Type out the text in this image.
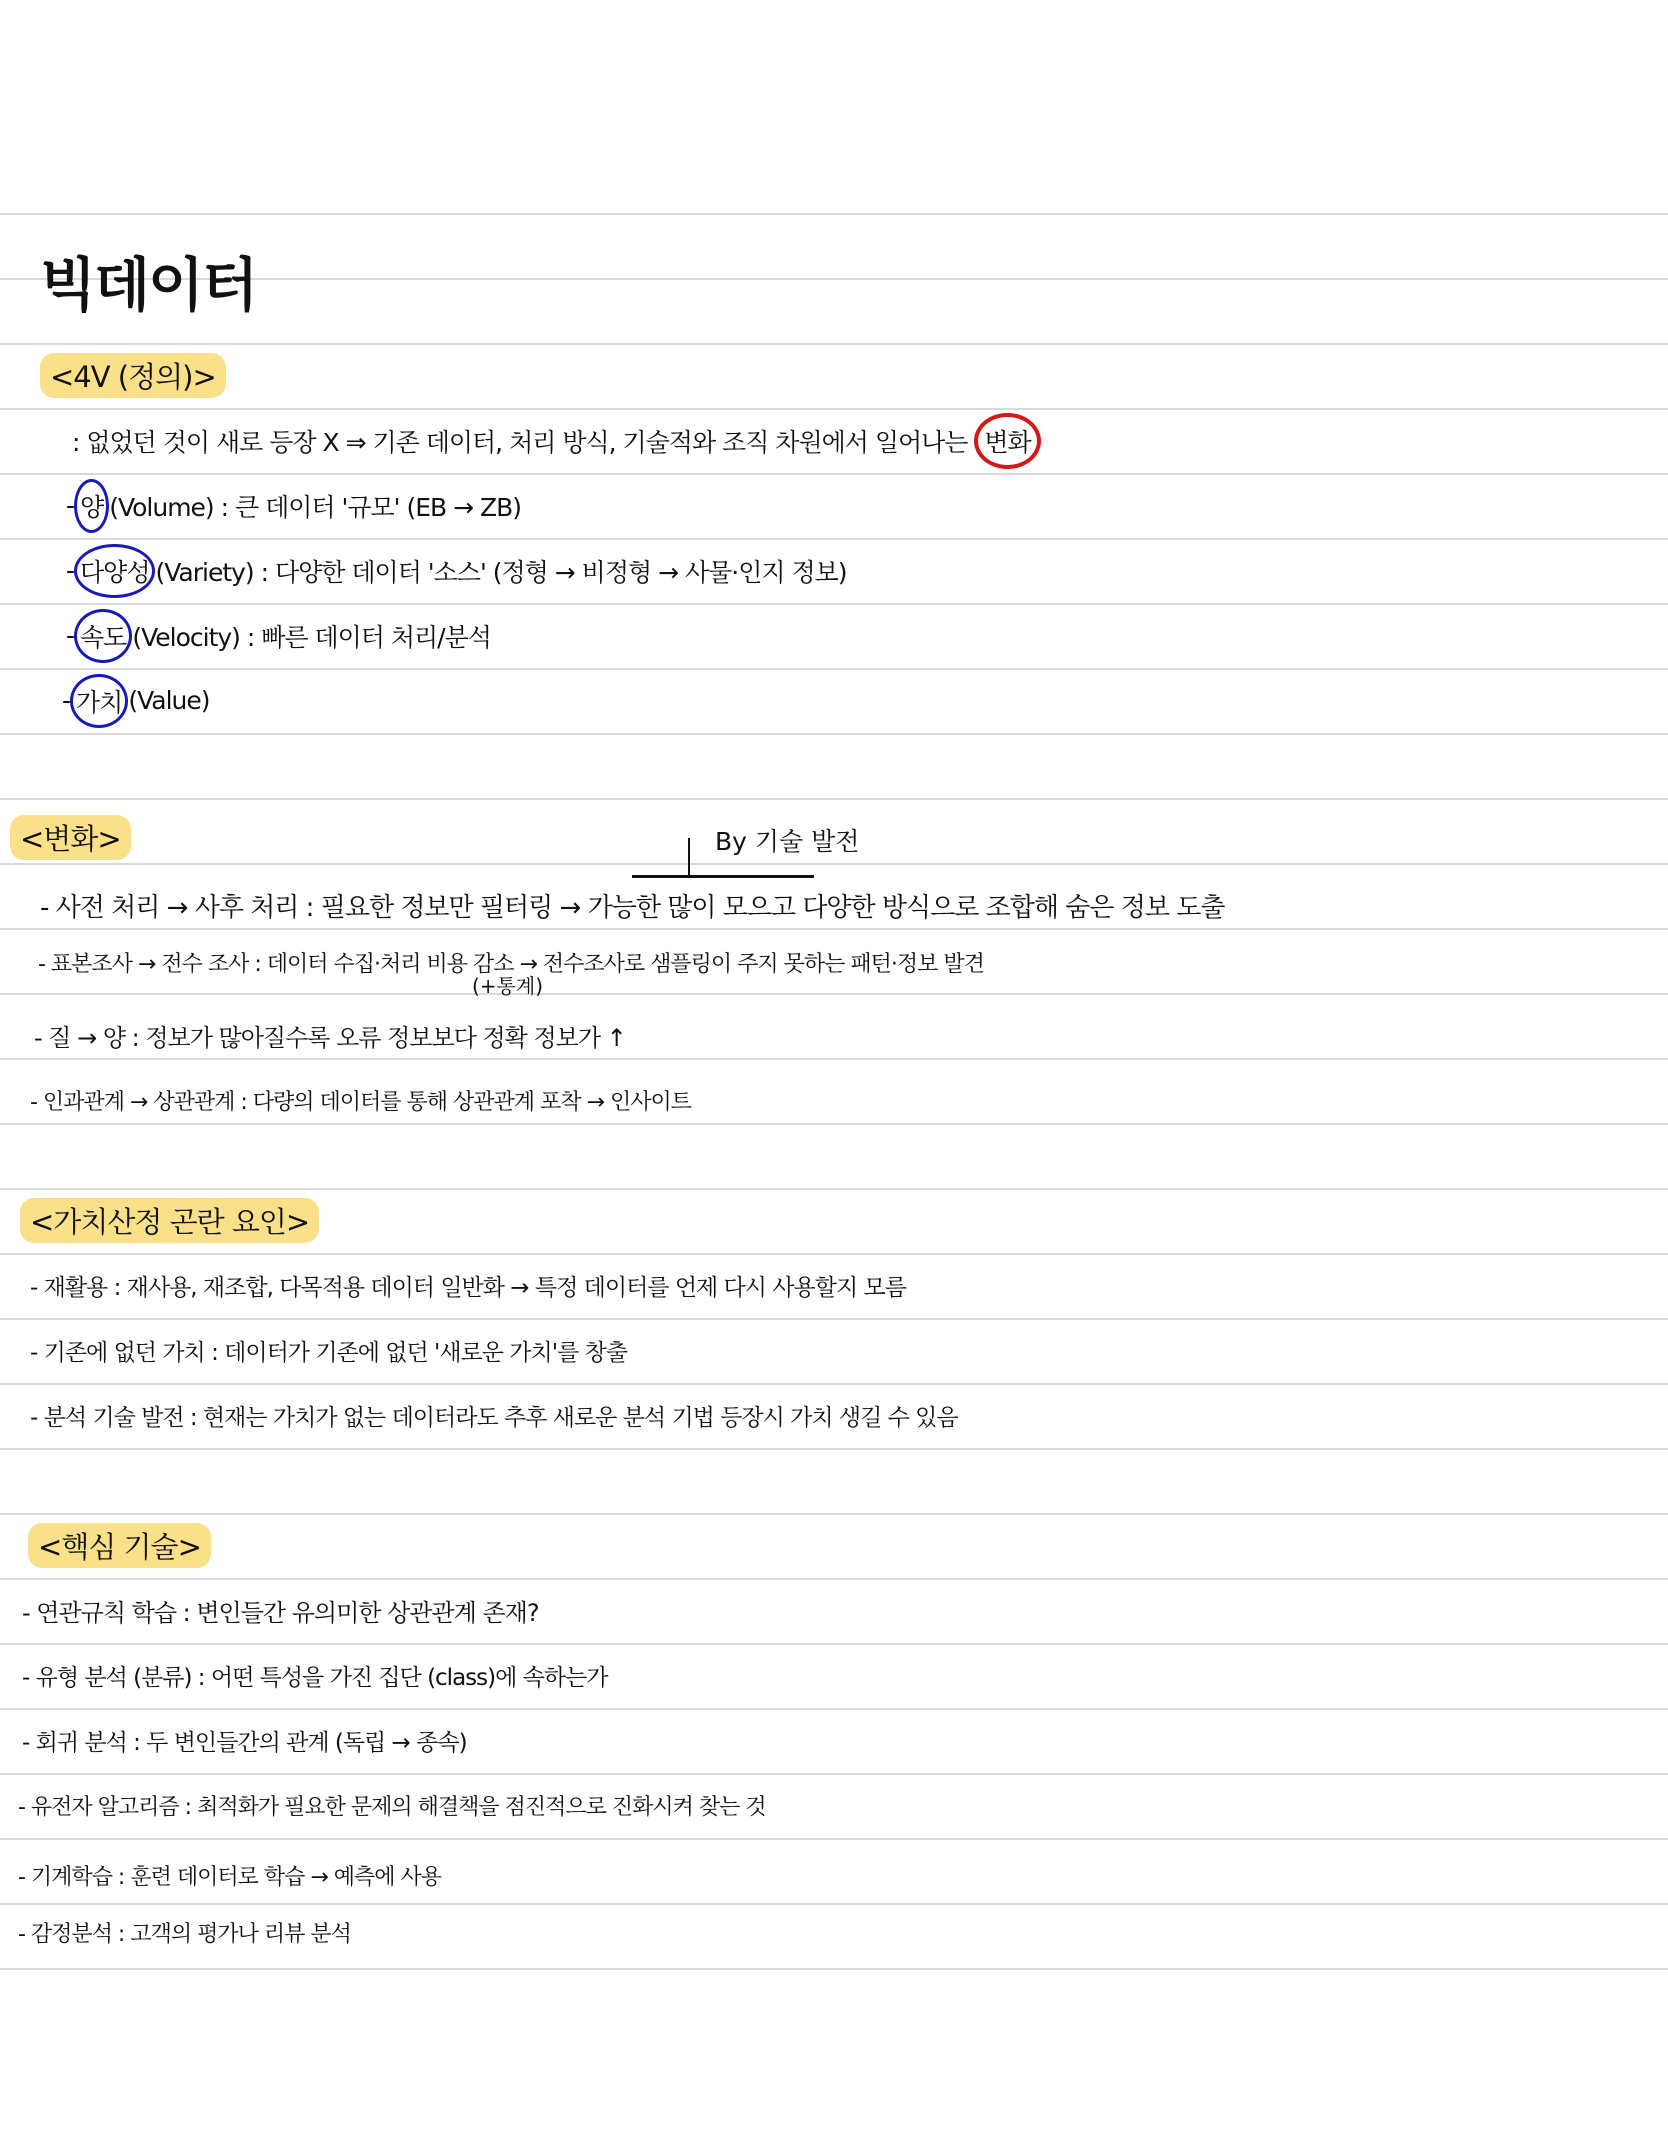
빅데이터
<4V (정의)>
: 없었던 것이 새로 등장 X ⇒ 기존 데이터, 처리 방식, 기술적와 조직 차원에서 일어나는
변화
- 양 (Volume) : 큰 데이터 '규모' (EB → ZB)
- 다양성 (Variety) : 다양한 데이터 '소스' (정형 → 비정형 → 사물·인지 정보)
- 속도 (Velocity) : 빠른 데이터 처리/분석
- 가치 (Value)
<변화>	By 기술 발전
- 사전 처리 → 사후 처리 : 필요한 정보만 필터링 → 가능한 많이 모으고 다양한 방식으로 조합해 숨은 정보 도출
- 표본조사 → 전수 조사 : 데이터 수집·처리 비용 감소 → 전수조사로 샘플링이 주지 못하는 패턴·정보 발견
(+통계)
- 질 → 양 : 정보가 많아질수록 오류 정보보다 정확 정보가 ↑
- 인과관계 → 상관관계 : 다량의 데이터를 통해 상관관계 포착 → 인사이트
<가치산정 곤란 요인>
- 재활용 : 재사용, 재조합, 다목적용 데이터 일반화 → 특정 데이터를 언제 다시 사용할지 모름
- 기존에 없던 가치 : 데이터가 기존에 없던 '새로운 가치'를 창출
- 분석 기술 발전 : 현재는 가치가 없는 데이터라도 추후 새로운 분석 기법 등장시 가치 생길 수 있음
<핵심 기술>
- 연관규칙 학습 : 변인들간 유의미한 상관관계 존재?
- 유형 분석 (분류) : 어떤 특성을 가진 집단 (class)에 속하는가
- 회귀 분석 : 두 변인들간의 관계 (독립 → 종속)
- 유전자 알고리즘 : 최적화가 필요한 문제의 해결책을 점진적으로 진화시켜 찾는 것
- 기계학습 : 훈련 데이터로 학습 → 예측에 사용
- 감정분석 : 고객의 평가나 리뷰 분석
